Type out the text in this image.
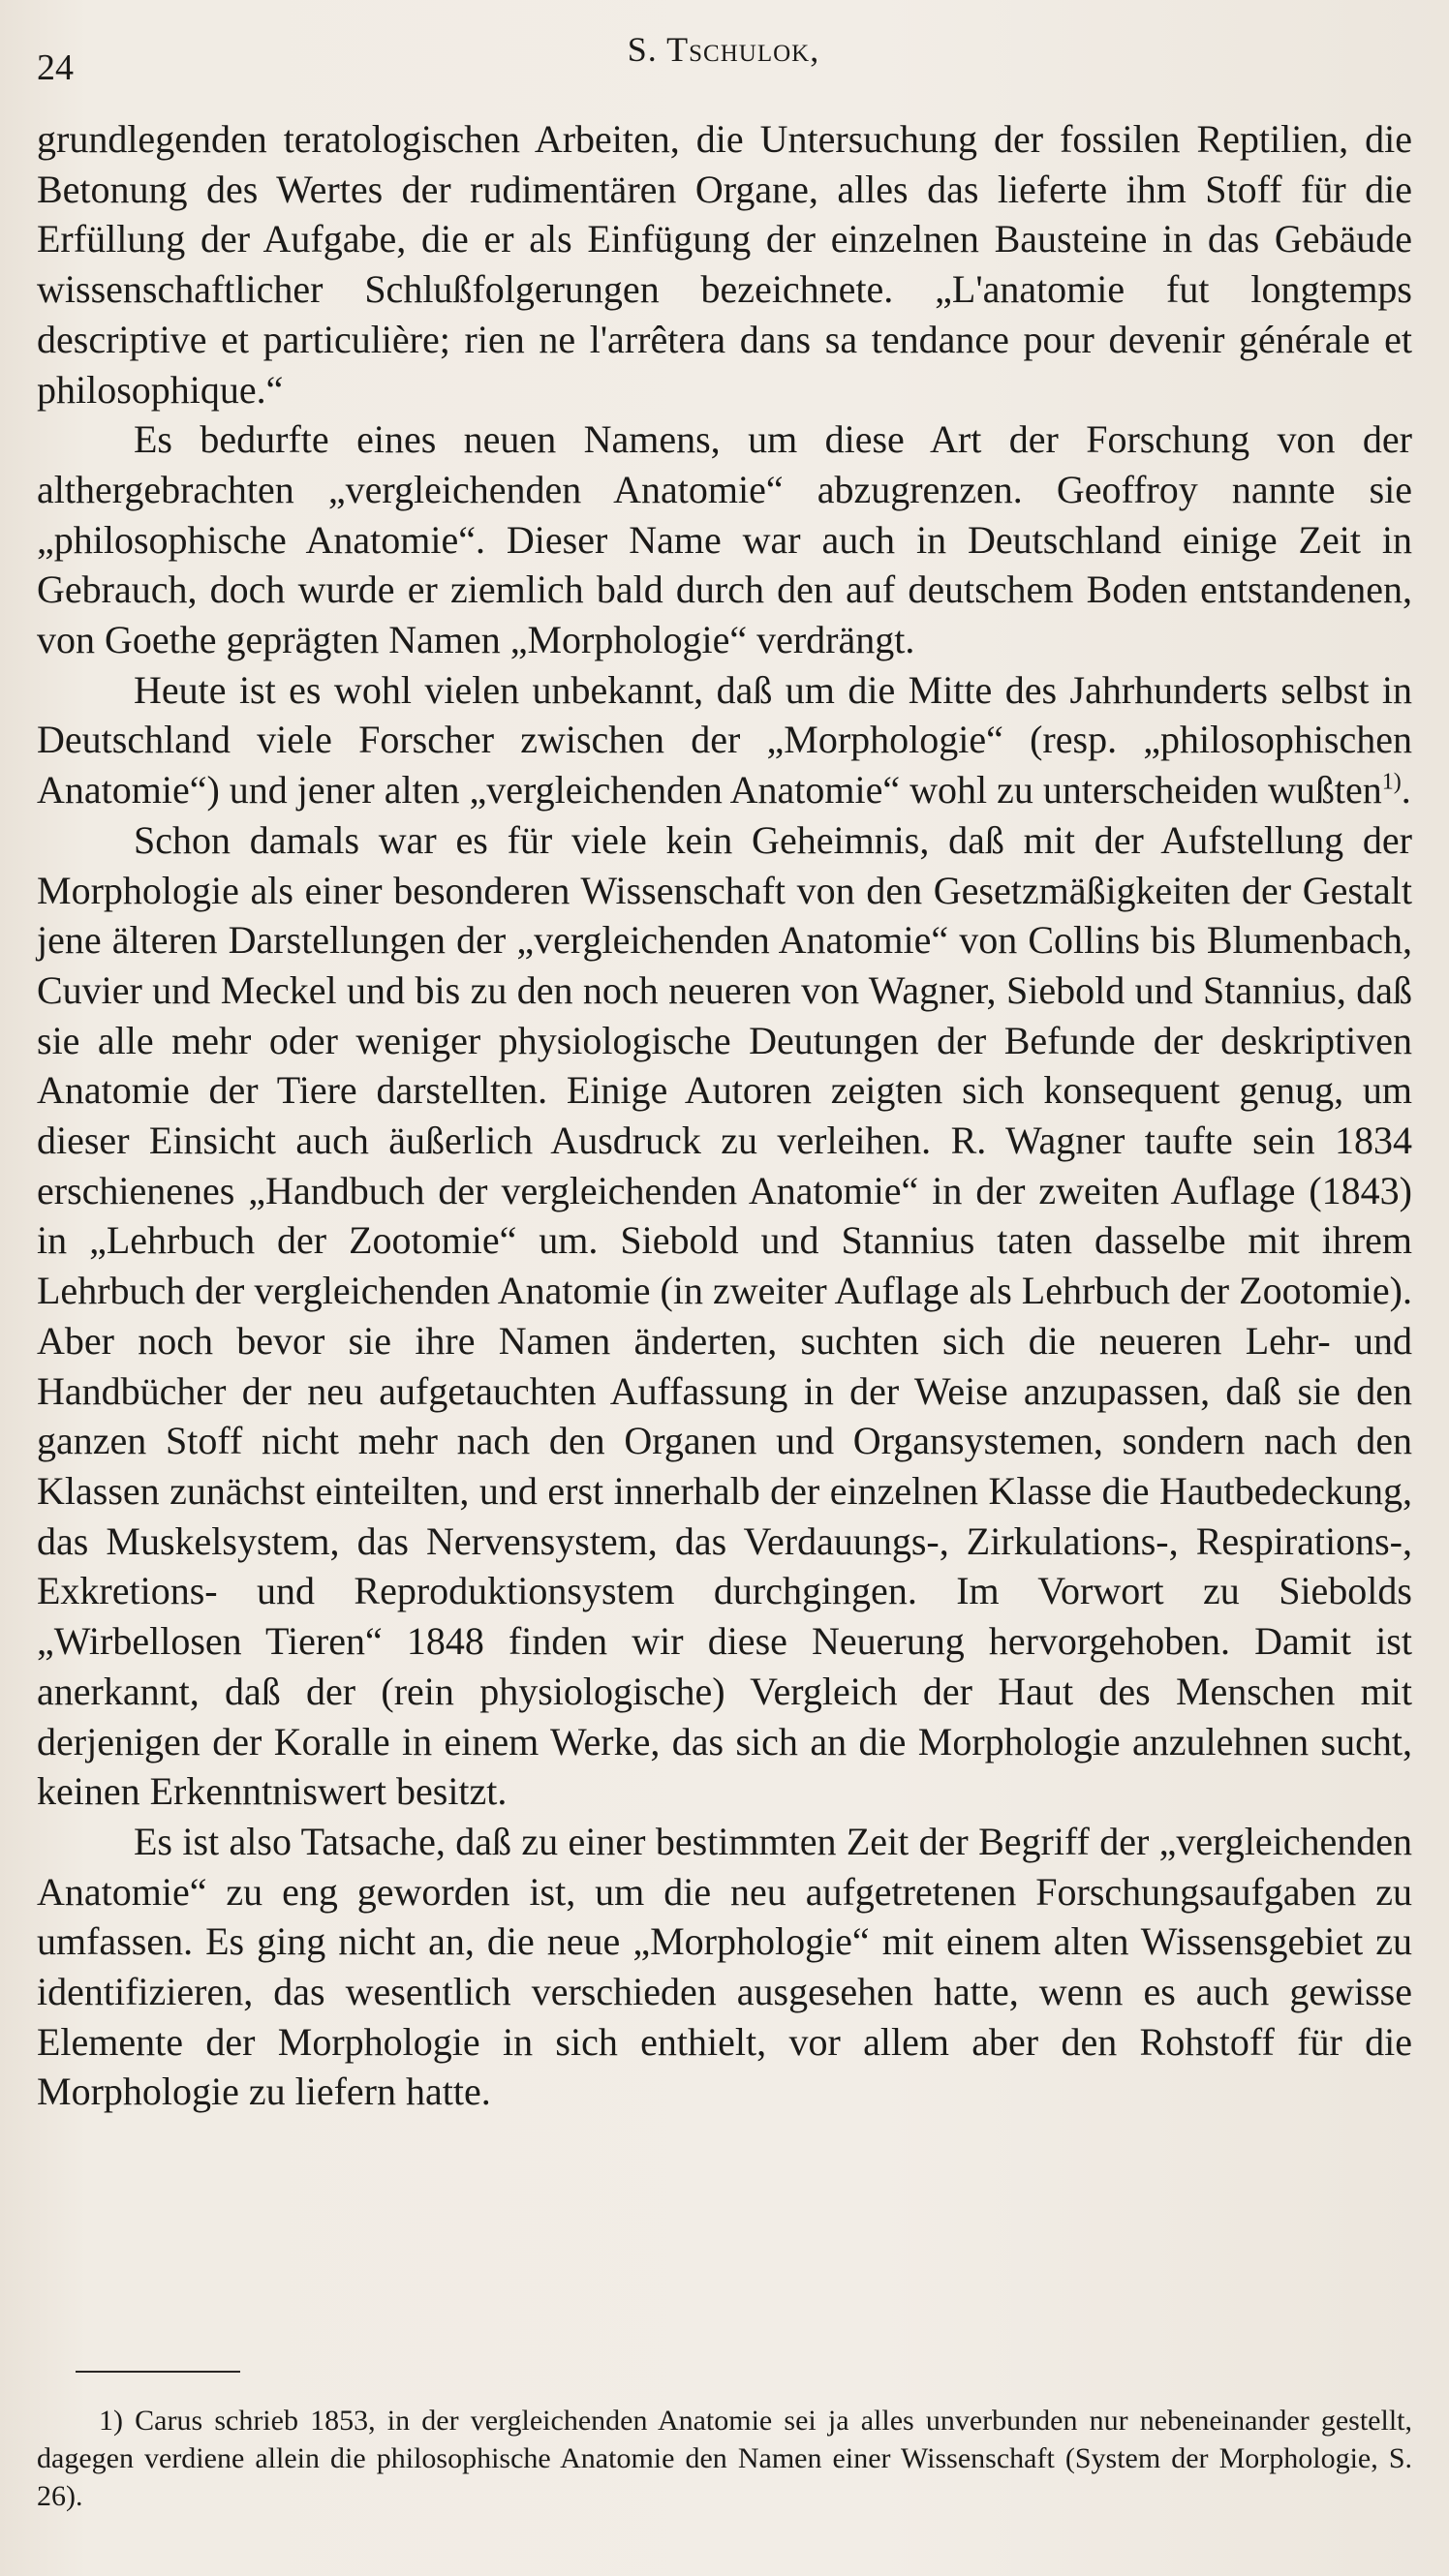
24	S. Tschulok,

grundlegenden teratologischen Arbeiten, die Untersuchung der fossilen Reptilien, die Betonung des Wertes der rudimentären Organe, alles das lieferte ihm Stoff für die Erfüllung der Aufgabe, die er als Einfügung der einzelnen Bausteine in das Gebäude wissenschaftlicher Schlußfolgerungen bezeichnete. „L'anatomie fut longtemps descriptive et particulière; rien ne l'arrêtera dans sa tendance pour devenir générale et philosophique.“

Es bedurfte eines neuen Namens, um diese Art der Forschung von der althergebrachten „vergleichenden Anatomie“ abzugrenzen. Geoffroy nannte sie „philosophische Anatomie“. Dieser Name war auch in Deutschland einige Zeit in Gebrauch, doch wurde er ziemlich bald durch den auf deutschem Boden entstandenen, von Goethe geprägten Namen „Morphologie“ verdrängt.

Heute ist es wohl vielen unbekannt, daß um die Mitte des Jahrhunderts selbst in Deutschland viele Forscher zwischen der „Morphologie“ (resp. „philosophischen Anatomie“) und jener alten „vergleichenden Anatomie“ wohl zu unterscheiden wußten$^{1)}$.

Schon damals war es für viele kein Geheimnis, daß mit der Aufstellung der Morphologie als einer besonderen Wissenschaft von den Gesetzmäßigkeiten der Gestalt jene älteren Darstellungen der „vergleichenden Anatomie“ von Collins bis Blumenbach, Cuvier und Meckel und bis zu den noch neueren von Wagner, Siebold und Stannius, daß sie alle mehr oder weniger physiologische Deutungen der Befunde der deskriptiven Anatomie der Tiere darstellten. Einige Autoren zeigten sich konsequent genug, um dieser Einsicht auch äußerlich Ausdruck zu verleihen. R. Wagner taufte sein 1834 erschienenes „Handbuch der vergleichenden Anatomie“ in der zweiten Auflage (1843) in „Lehrbuch der Zootomie“ um. Siebold und Stannius taten dasselbe mit ihrem Lehrbuch der vergleichenden Anatomie (in zweiter Auflage als Lehrbuch der Zootomie). Aber noch bevor sie ihre Namen änderten, suchten sich die neueren Lehr- und Handbücher der neu aufgetauchten Auffassung in der Weise anzupassen, daß sie den ganzen Stoff nicht mehr nach den Organen und Organsystemen, sondern nach den Klassen zunächst einteilten, und erst innerhalb der einzelnen Klasse die Hautbedeckung, das Muskelsystem, das Nervensystem, das Verdauungs-, Zirkulations-, Respirations-, Exkretions- und Reproduktionsystem durchgingen. Im Vorwort zu Siebolds „Wirbellosen Tieren“ 1848 finden wir diese Neuerung hervorgehoben. Damit ist anerkannt, daß der (rein physiologische) Vergleich der Haut des Menschen mit derjenigen der Koralle in einem Werke, das sich an die Morphologie anzulehnen sucht, keinen Erkenntniswert besitzt.

Es ist also Tatsache, daß zu einer bestimmten Zeit der Begriff der „vergleichenden Anatomie“ zu eng geworden ist, um die neu aufgetretenen Forschungsaufgaben zu umfassen. Es ging nicht an, die neue „Morphologie“ mit einem alten Wissensgebiet zu identifizieren, das wesentlich verschieden ausgesehen hatte, wenn es auch gewisse Elemente der Morphologie in sich enthielt, vor allem aber den Rohstoff für die Morphologie zu liefern hatte.

1) Carus schrieb 1853, in der vergleichenden Anatomie sei ja alles unverbunden nur nebeneinander gestellt, dagegen verdiene allein die philosophische Anatomie den Namen einer Wissenschaft (System der Morphologie, S. 26).
